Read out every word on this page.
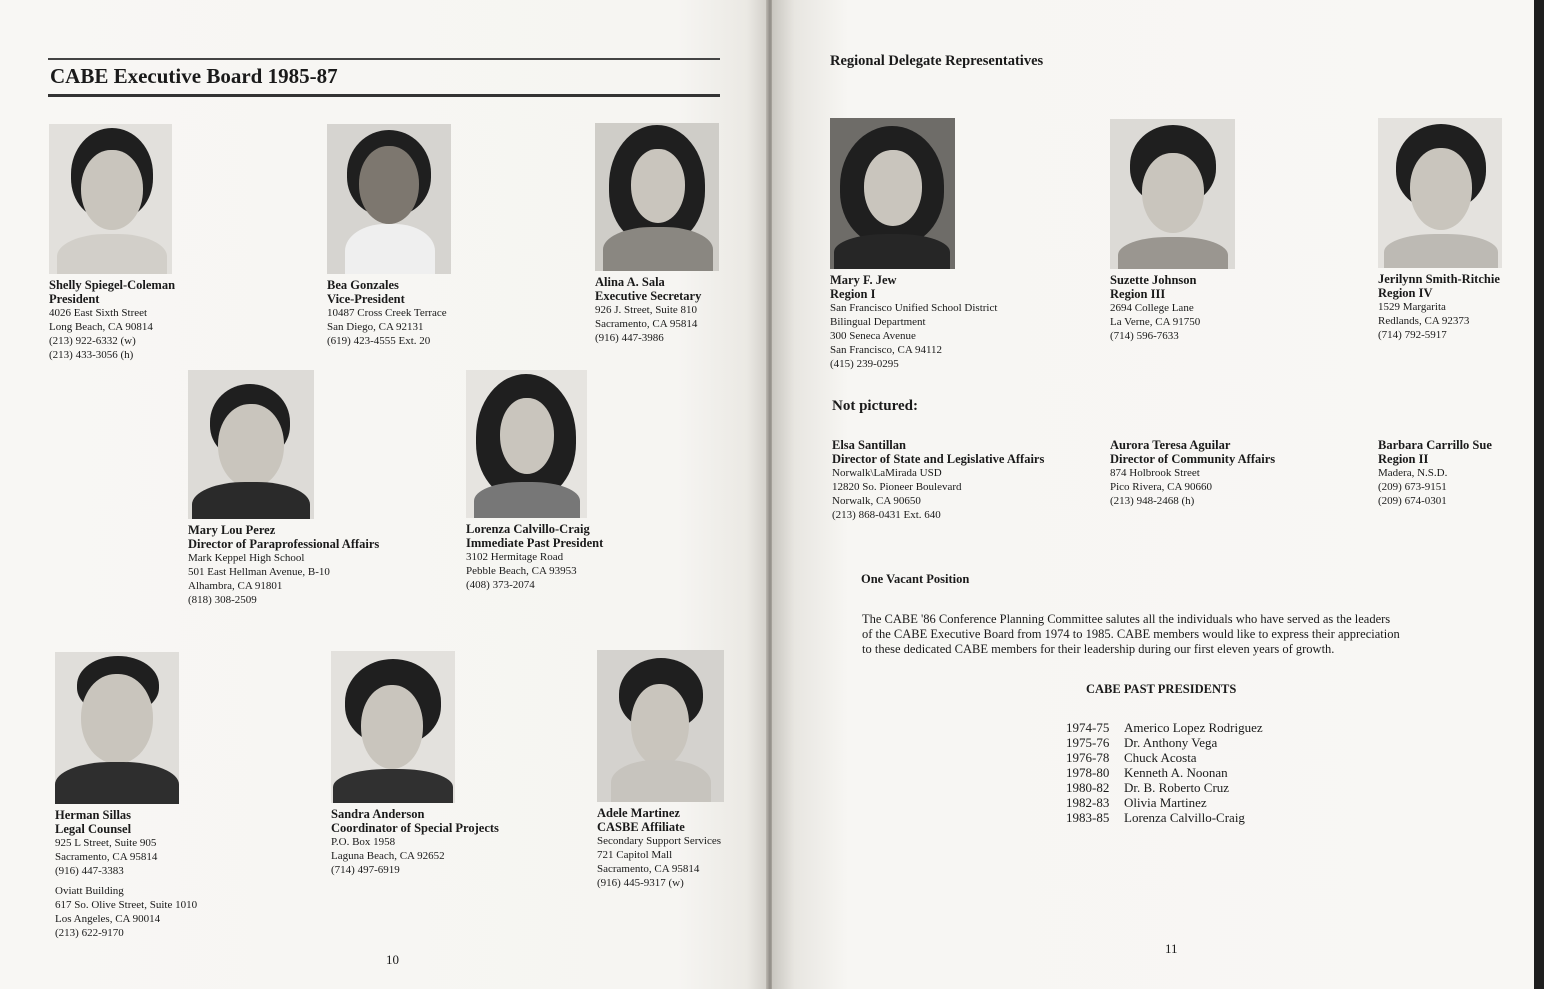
CABE Executive Board 1985-87
Shelly Spiegel-Coleman
President
4026 East Sixth Street
Long Beach, CA 90814
(213) 922-6332 (w)
(213) 433-3056 (h)
Bea Gonzales
Vice-President
10487 Cross Creek Terrace
San Diego, CA 92131
(619) 423-4555 Ext. 20
Alina A. Sala
Executive Secretary
926 J. Street, Suite 810
Sacramento, CA 95814
(916) 447-3986
Mary Lou Perez
Director of Paraprofessional Affairs
Mark Keppel High School
501 East Hellman Avenue, B-10
Alhambra, CA 91801
(818) 308-2509
Lorenza Calvillo-Craig
Immediate Past President
3102 Hermitage Road
Pebble Beach, CA 93953
(408) 373-2074
Herman Sillas
Legal Counsel
925 L Street, Suite 905
Sacramento, CA 95814
(916) 447-3383
Oviatt Building
617 So. Olive Street, Suite 1010
Los Angeles, CA 90014
(213) 622-9170
Sandra Anderson
Coordinator of Special Projects
P.O. Box 1958
Laguna Beach, CA 92652
(714) 497-6919
Adele Martinez
CASBE Affiliate
Secondary Support Services
721 Capitol Mall
Sacramento, CA 95814
(916) 445-9317 (w)
10
Regional Delegate Representatives
Mary F. Jew
Region I
San Francisco Unified School District
Bilingual Department
300 Seneca Avenue
San Francisco, CA 94112
(415) 239-0295
Suzette Johnson
Region III
2694 College Lane
La Verne, CA 91750
(714) 596-7633
Jerilynn Smith-Ritchie
Region IV
1529 Margarita
Redlands, CA 92373
(714) 792-5917
Not pictured:
Elsa Santillan
Director of State and Legislative Affairs
Norwalk\LaMirada USD
12820 So. Pioneer Boulevard
Norwalk, CA 90650
(213) 868-0431 Ext. 640
Aurora Teresa Aguilar
Director of Community Affairs
874 Holbrook Street
Pico Rivera, CA 90660
(213) 948-2468 (h)
Barbara Carrillo Sue
Region II
Madera, N.S.D.
(209) 673-9151
(209) 674-0301
One Vacant Position
The CABE '86 Conference Planning Committee salutes all the individuals who have served as the leaders
of the CABE Executive Board from 1974 to 1985. CABE members would like to express their appreciation
to these dedicated CABE members for their leadership during our first eleven years of growth.
CABE PAST PRESIDENTS
1974-75 Americo Lopez Rodriguez
1975-76 Dr. Anthony Vega
1976-78 Chuck Acosta
1978-80 Kenneth A. Noonan
1980-82 Dr. B. Roberto Cruz
1982-83 Olivia Martinez
1983-85 Lorenza Calvillo-Craig
11
